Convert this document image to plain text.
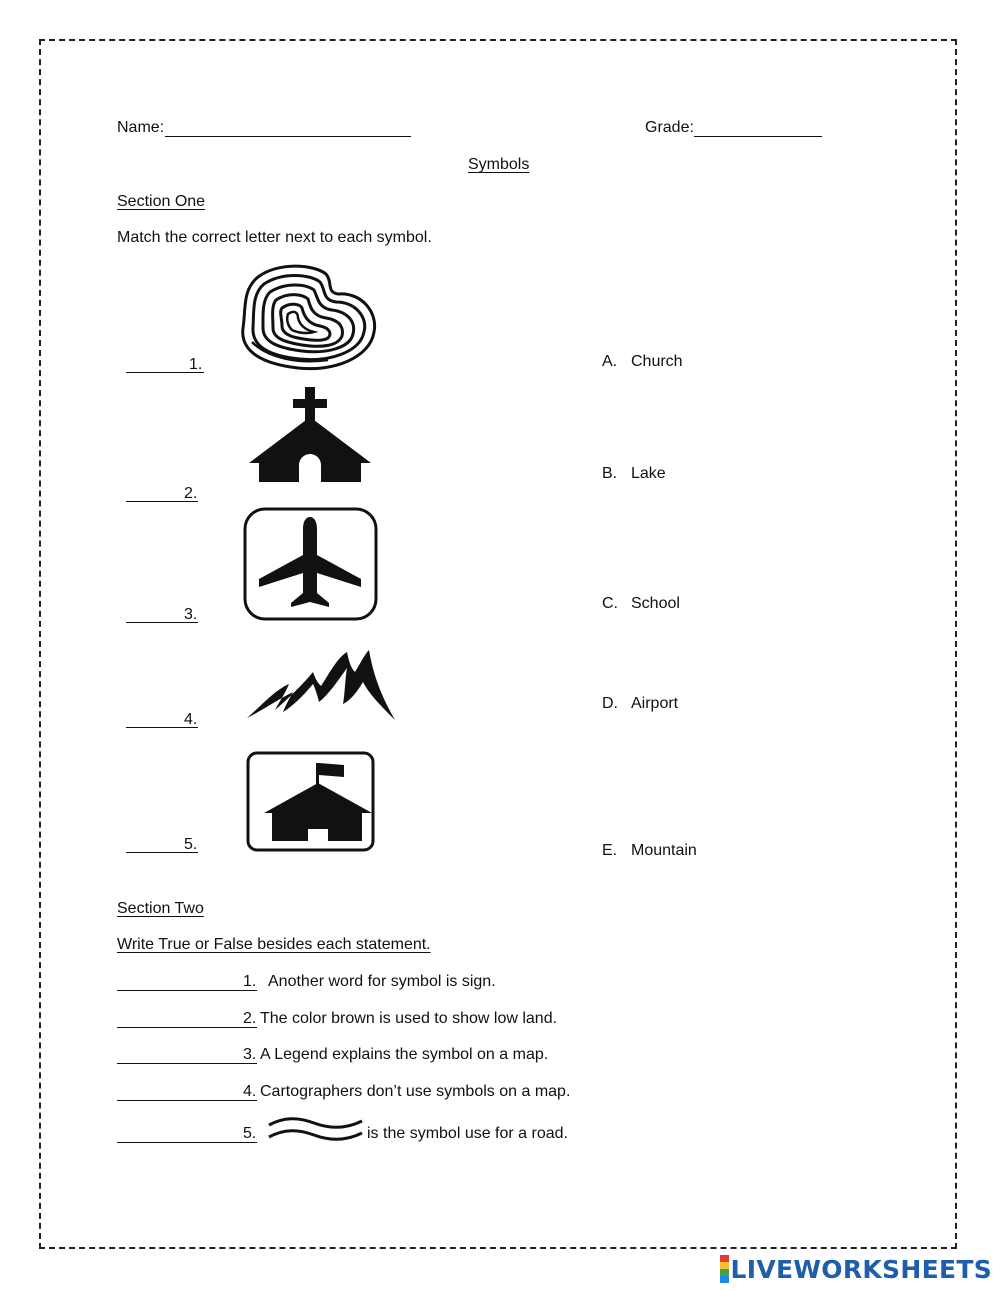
Name:	Grade:
Symbols
Section One
Match the correct letter next to each symbol.
1.
2.
3.
4.
5.
A. Church
B. Lake
C. School
D. Airport
E. Mountain
Section Two
Write True or False besides each statement.
1. Another word for symbol is sign.
2. The color brown is used to show low land.
3. A Legend explains the symbol on a map.
4. Cartographers don’t use symbols on a map.
5.	is the symbol use for a road.
LIVEWORKSHEETS
